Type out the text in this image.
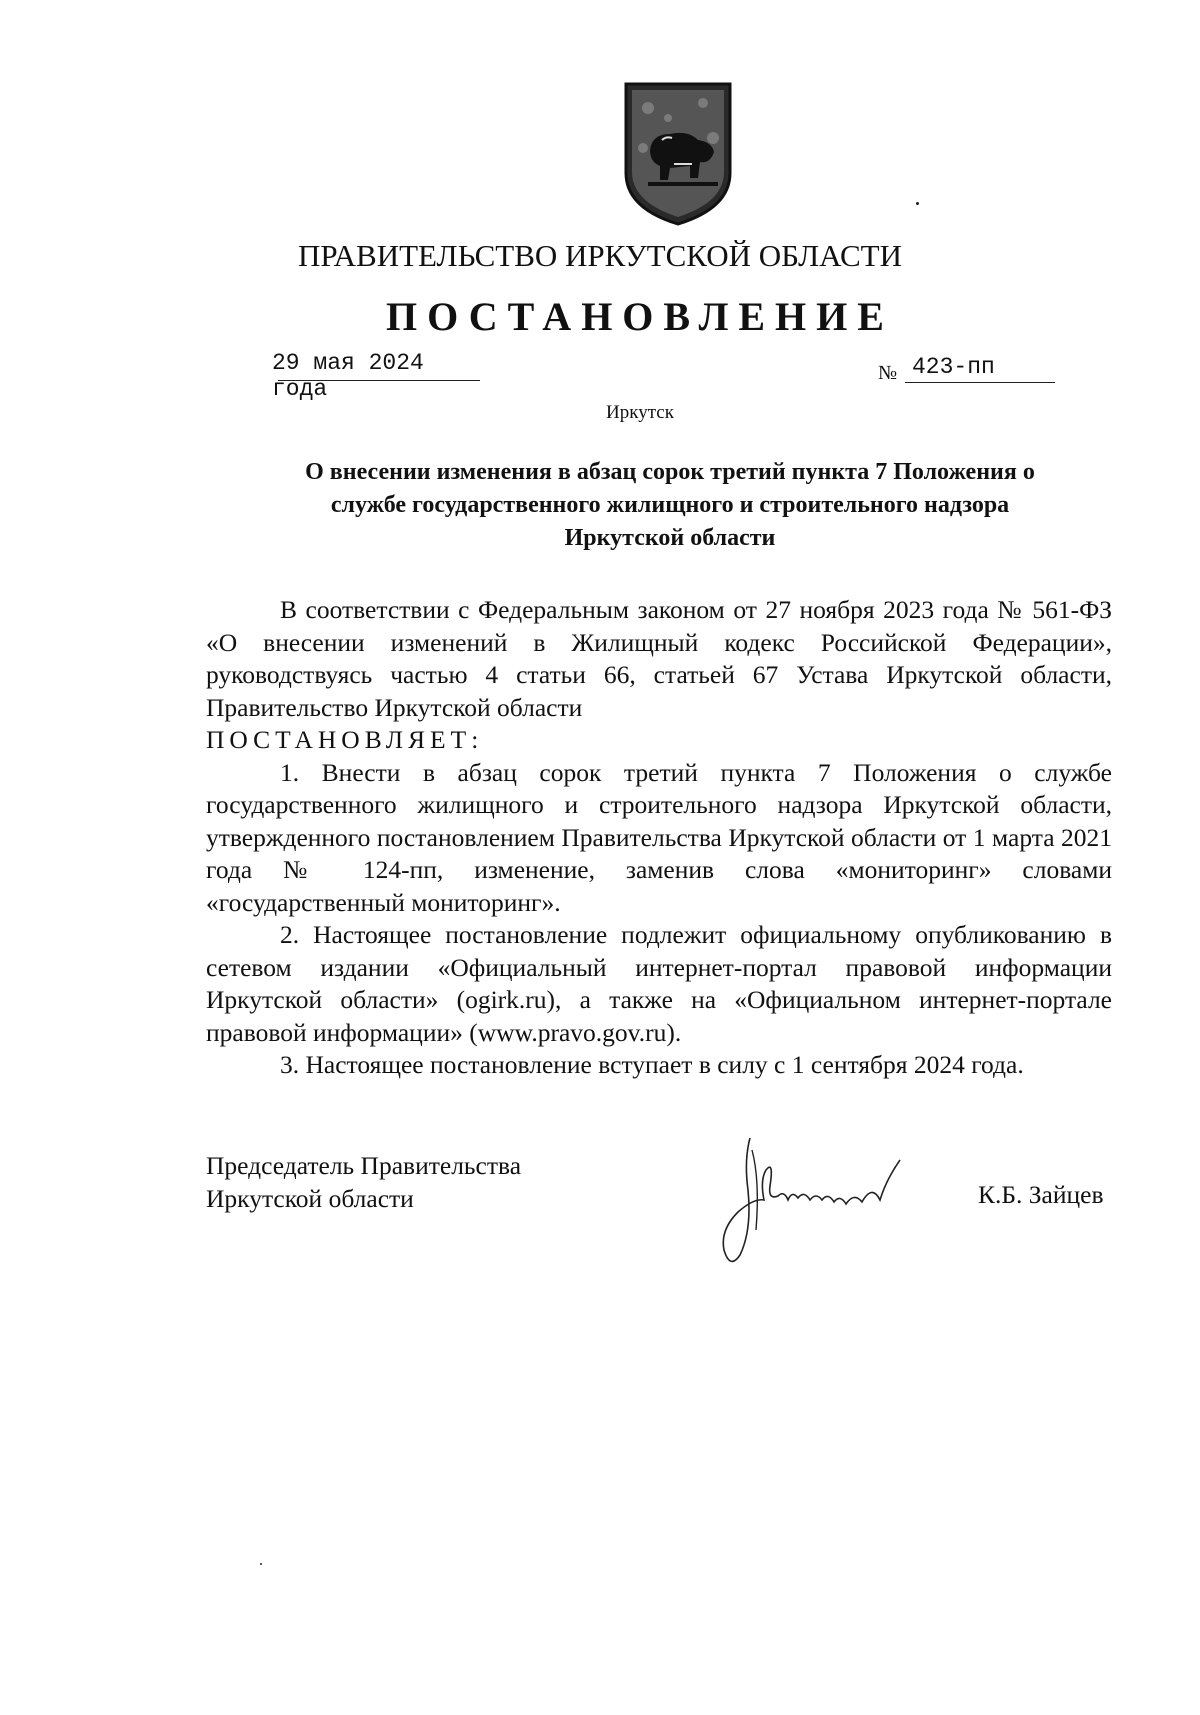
ПРАВИТЕЛЬСТВО ИРКУТСКОЙ ОБЛАСТИ
ПОСТАНОВЛЕНИЕ
29 мая 2024 года
№ 423-пп
Иркутск
О внесении изменения в абзац сорок третий пункта 7 Положения о
службе государственного жилищного и строительного надзора
Иркутской области

В соответствии с Федеральным законом от 27 ноября 2023 года № 561-ФЗ «О внесении изменений в Жилищный кодекс Российской Федерации», руководствуясь частью 4 статьи 66, статьей 67 Устава Иркутской области, Правительство Иркутской области

ПОСТАНОВЛЯЕТ:

1. Внести в абзац сорок третий пункта 7 Положения о службе государственного жилищного и строительного надзора Иркутской области, утвержденного постановлением Правительства Иркутской области от 1 марта 2021 года № 124-пп, изменение, заменив слова «мониторинг» словами «государственный мониторинг».

2. Настоящее постановление подлежит официальному опубликованию в сетевом издании «Официальный интернет-портал правовой информации Иркутской области» (ogirk.ru), а также на «Официальном интернет-портале правовой информации» (www.pravo.gov.ru).

3. Настоящее постановление вступает в силу с 1 сентября 2024 года.

Председатель Правительства
Иркутской области	К.Б. Зайцев
